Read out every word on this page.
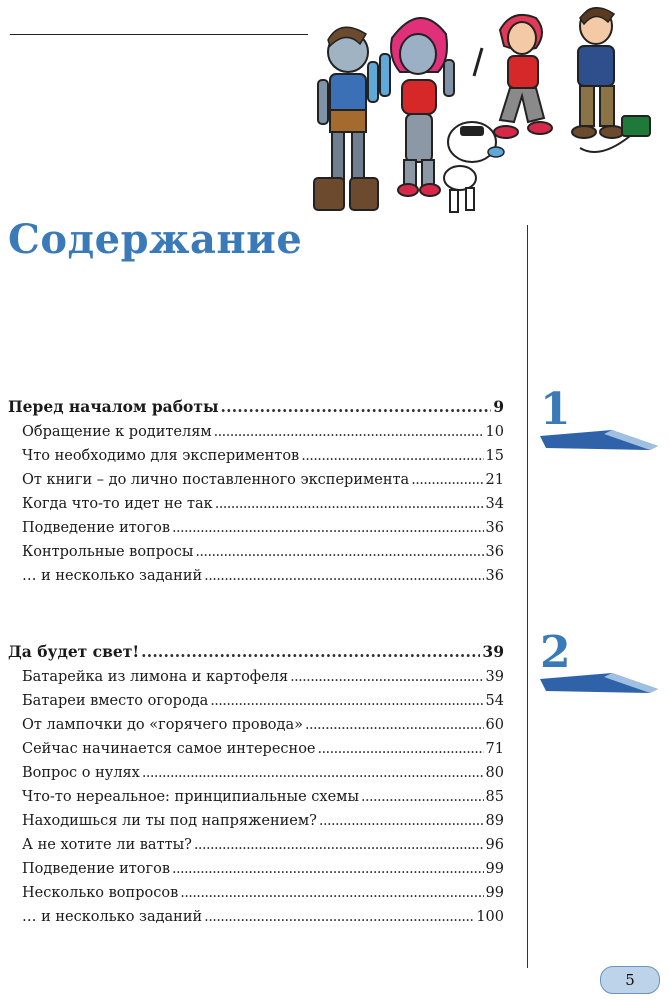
Содержание
Перед началом работы . . .	9
Обращение к родителям . . .	10
Что необходимо для экспериментов . . .	15
От книги – до лично поставленного эксперимента . . .	21
Когда что-то идет не так . . .	34
Подведение итогов . . .	36
Контрольные вопросы . . .	36
… и несколько заданий . . .	36
Да будет свет! . . .	39
Батарейка из лимона и картофеля . . .	39
Батареи вместо огорода . . .	54
От лампочки до «горячего провода» . . .	60
Сейчас начинается самое интересное . . .	71
Вопрос о нулях . . .	80
Что-то нереальное: принципиальные схемы . . .	85
Находишься ли ты под напряжением? . . .	89
А не хотите ли ватты? . . .	96
Подведение итогов . . .	99
Несколько вопросов . . .	99
… и несколько заданий . . .	100
1
2
5
